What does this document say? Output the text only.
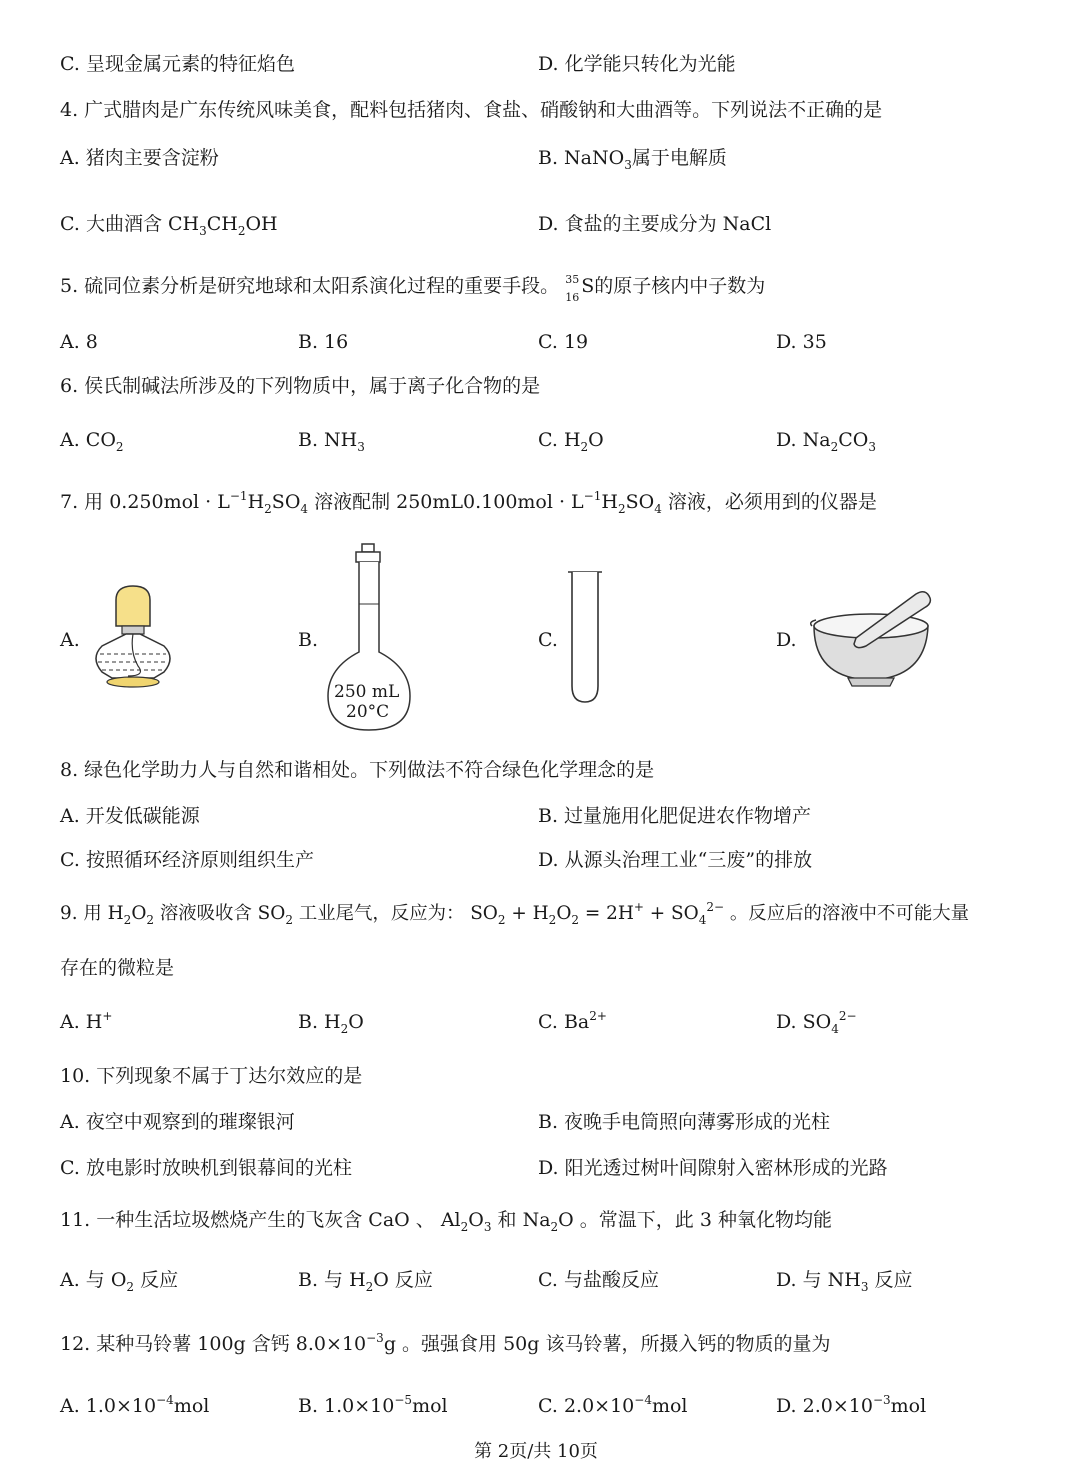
C. 呈现金属元素的特征焰色	D. 化学能只转化为光能
4. 广式腊肉是广东传统风味美食，配料包括猪肉、食盐、硝酸钠和大曲酒等。下列说法不正确的是
A. 猪肉主要含淀粉	B. NaNO$_3$属于电解质
C. 大曲酒含 $CH_3CH_2OH$	D. 食盐的主要成分为 NaCl
5. 硫同位素分析是研究地球和太阳系演化过程的重要手段。 35
16
S的原子核内中子数为
A. 8	B. 16	C. 19	D. 35
6. 侯氏制碱法所涉及的下列物质中，属于离子化合物的是
A. $CO_2$	B. $NH_3$	C. $H_2O$	D. $Na_2CO_3$
7. 用 $0.250mol \cdot L^{-1}H_2SO_4$ 溶液配制 $250mL0.100mol \cdot L^{-1}H_2SO_4$ 溶液，必须用到的仪器是
A.	B.	C.	D.
250 mL
20°C
8. 绿色化学助力人与自然和谐相处。下列做法不符合绿色化学理念的是
A. 开发低碳能源	B. 过量施用化肥促进农作物增产
C. 按照循环经济原则组织生产	D. 从源头治理工业“三废”的排放
9. 用 $H_2O_2$ 溶液吸收含 $SO_2$ 工业尾气，反应为： $SO_2 + H_2O_2 = 2H^+ + SO_4^{2-}$ 。反应后的溶液中不可能大量
存在的微粒是
A. H+	B. $H_2O$	C. $Ba^{2+}$	D. $SO_4^{2-}$
10. 下列现象不属于丁达尔效应的是
A. 夜空中观察到的璀璨银河	B. 夜晚手电筒照向薄雾形成的光柱
C. 放电影时放映机到银幕间的光柱	D. 阳光透过树叶间隙射入密林形成的光路
11. 一种生活垃圾燃烧产生的飞灰含 CaO 、 $Al_2O_3$ 和 $Na_2O$ 。常温下，此 3 种氧化物均能
A. 与 $O_2$ 反应	B. 与 $H_2O$ 反应	C. 与盐酸反应	D. 与 $NH_3$ 反应
12. 某种马铃薯 100g 含钙 $8.0\times 10^{-3}g$ 。强强食用 50g 该马铃薯，所摄入钙的物质的量为
A. $1.0\times 10^{-4}mol$	B. $1.0\times 10^{-5}mol$	C. $2.0\times 10^{-4}mol$	D. $2.0\times 10^{-3}mol$
第 2页/共 10页
